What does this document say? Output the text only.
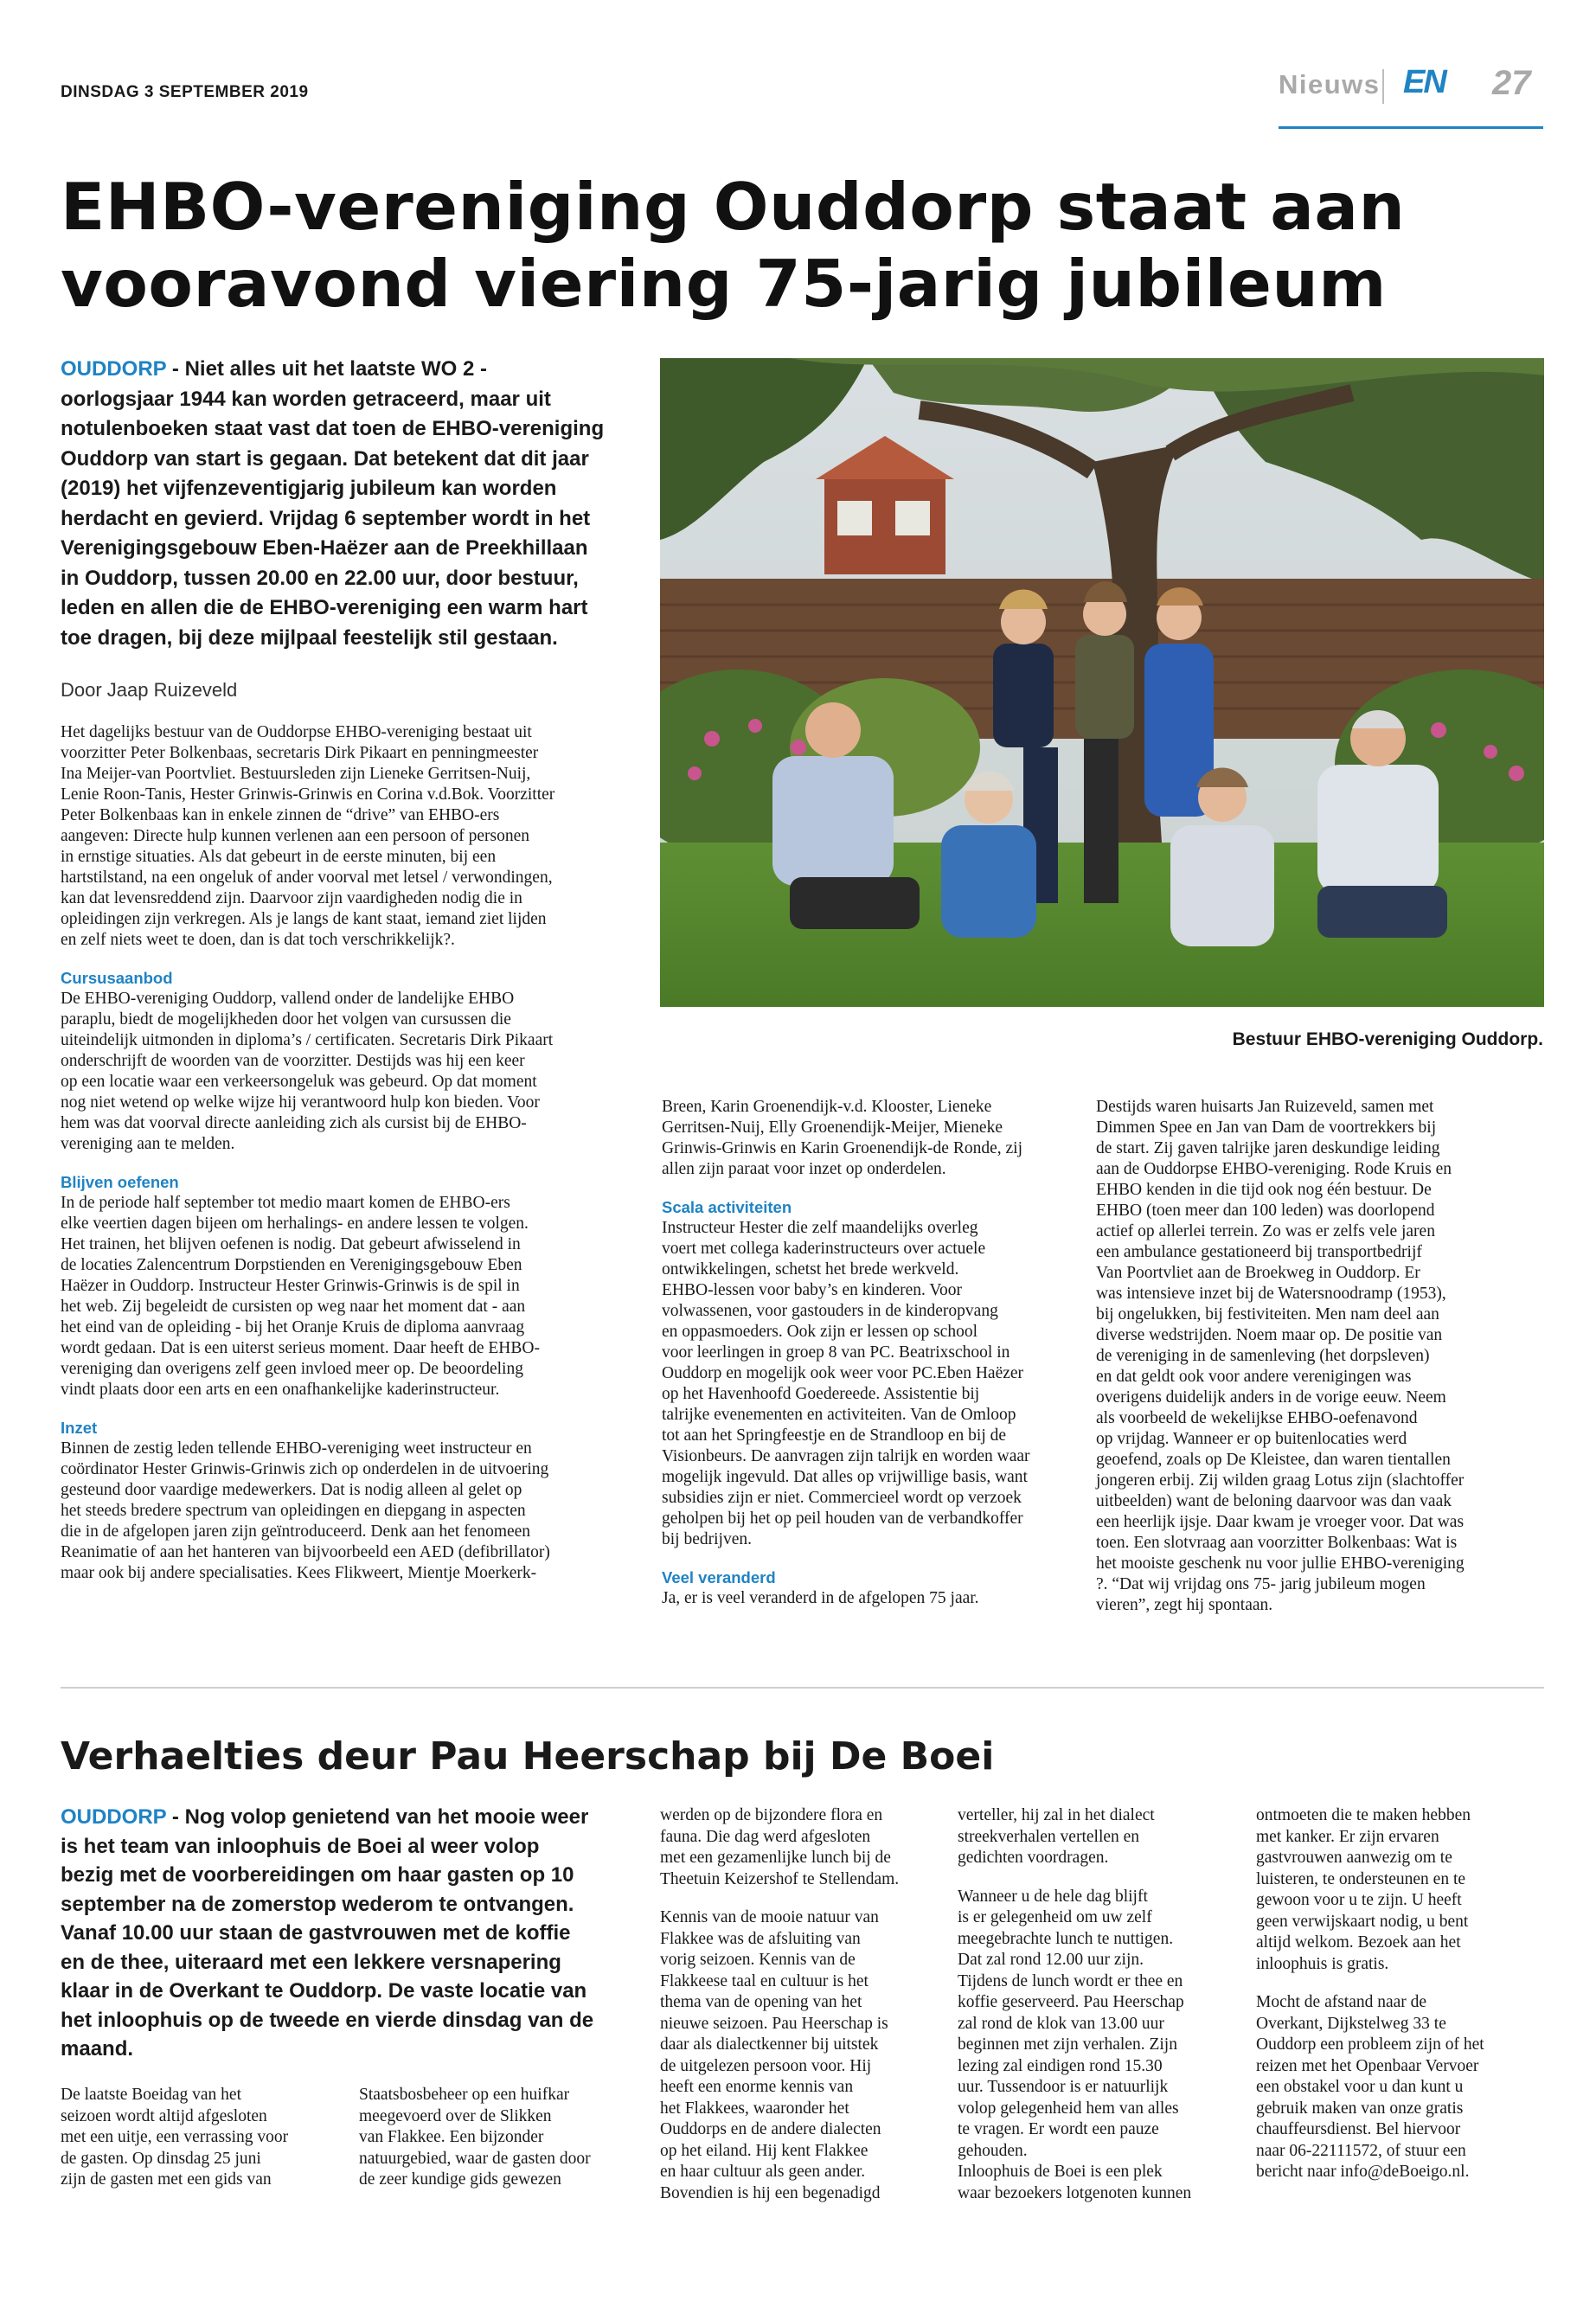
DINSDAG 3 SEPTEMBER 2019	Nieuws EN 27
EHBO-vereniging Ouddorp staat aan
vooravond viering 75-jarig jubileum
OUDDORP - Niet alles uit het laatste WO 2 -
oorlogsjaar 1944 kan worden getraceerd, maar uit
notulenboeken staat vast dat toen de EHBO-vereniging
Ouddorp van start is gegaan. Dat betekent dat dit jaar
(2019) het vijfenzeventigjarig jubileum kan worden
herdacht en gevierd. Vrijdag 6 september wordt in het
Verenigingsgebouw Eben-Haëzer aan de Preekhillaan
in Ouddorp, tussen 20.00 en 22.00 uur, door bestuur,
leden en allen die de EHBO-vereniging een warm hart
toe dragen, bij deze mijlpaal feestelijk stil gestaan.
Door Jaap Ruizeveld
Het dagelijks bestuur van de Ouddorpse EHBO-vereniging bestaat uit
voorzitter Peter Bolkenbaas, secretaris Dirk Pikaart en penningmeester
Ina Meijer-van Poortvliet. Bestuursleden zijn Lieneke Gerritsen-Nuij,
Lenie Roon-Tanis, Hester Grinwis-Grinwis en Corina v.d.Bok. Voorzitter
Peter Bolkenbaas kan in enkele zinnen de “drive” van EHBO-ers
aangeven: Directe hulp kunnen verlenen aan een persoon of personen
in ernstige situaties. Als dat gebeurt in de eerste minuten, bij een
hartstilstand, na een ongeluk of ander voorval met letsel / verwondingen,
kan dat levensreddend zijn. Daarvoor zijn vaardigheden nodig die in
opleidingen zijn verkregen. Als je langs de kant staat, iemand ziet lijden
en zelf niets weet te doen, dan is dat toch verschrikkelijk?.
Cursusaanbod
De EHBO-vereniging Ouddorp, vallend onder de landelijke EHBO
paraplu, biedt de mogelijkheden door het volgen van cursussen die
uiteindelijk uitmonden in diploma’s / certificaten. Secretaris Dirk Pikaart
onderschrijft de woorden van de voorzitter. Destijds was hij een keer
op een locatie waar een verkeersongeluk was gebeurd. Op dat moment
nog niet wetend op welke wijze hij verantwoord hulp kon bieden. Voor
hem was dat voorval directe aanleiding zich als cursist bij de EHBO-
vereniging aan te melden.
Blijven oefenen
In de periode half september tot medio maart komen de EHBO-ers
elke veertien dagen bijeen om herhalings- en andere lessen te volgen.
Het trainen, het blijven oefenen is nodig. Dat gebeurt afwisselend in
de locaties Zalencentrum Dorpstienden en Verenigingsgebouw Eben
Haëzer in Ouddorp. Instructeur Hester Grinwis-Grinwis is de spil in
het web. Zij begeleidt de cursisten op weg naar het moment dat - aan
het eind van de opleiding - bij het Oranje Kruis de diploma aanvraag
wordt gedaan. Dat is een uiterst serieus moment. Daar heeft de EHBO-
vereniging dan overigens zelf geen invloed meer op. De beoordeling
vindt plaats door een arts en een onafhankelijke kaderinstructeur.
Inzet
Binnen de zestig leden tellende EHBO-vereniging weet instructeur en
coördinator Hester Grinwis-Grinwis zich op onderdelen in de uitvoering
gesteund door vaardige medewerkers. Dat is nodig alleen al gelet op
het steeds bredere spectrum van opleidingen en diepgang in aspecten
die in de afgelopen jaren zijn geïntroduceerd. Denk aan het fenomeen
Reanimatie of aan het hanteren van bijvoorbeeld een AED (defibrillator)
maar ook bij andere specialisaties. Kees Flikweert, Mientje Moerkerk-
Bestuur EHBO-vereniging Ouddorp.
Breen, Karin Groenendijk-v.d. Klooster, Lieneke
Gerritsen-Nuij, Elly Groenendijk-Meijer, Mieneke
Grinwis-Grinwis en Karin Groenendijk-de Ronde, zij
allen zijn paraat voor inzet op onderdelen.
Scala activiteiten
Instructeur Hester die zelf maandelijks overleg
voert met collega kaderinstructeurs over actuele
ontwikkelingen, schetst het brede werkveld.
EHBO-lessen voor baby’s en kinderen. Voor
volwassenen, voor gastouders in de kinderopvang
en oppasmoeders. Ook zijn er lessen op school
voor leerlingen in groep 8 van PC. Beatrixschool in
Ouddorp en mogelijk ook weer voor PC.Eben Haëzer
op het Havenhoofd Goedereede. Assistentie bij
talrijke evenementen en activiteiten. Van de Omloop
tot aan het Springfeestje en de Strandloop en bij de
Visionbeurs. De aanvragen zijn talrijk en worden waar
mogelijk ingevuld. Dat alles op vrijwillige basis, want
subsidies zijn er niet. Commercieel wordt op verzoek
geholpen bij het op peil houden van de verbandkoffer
bij bedrijven.
Veel veranderd
Ja, er is veel veranderd in de afgelopen 75 jaar.
Destijds waren huisarts Jan Ruizeveld, samen met
Dimmen Spee en Jan van Dam de voortrekkers bij
de start. Zij gaven talrijke jaren deskundige leiding
aan de Ouddorpse EHBO-vereniging. Rode Kruis en
EHBO kenden in die tijd ook nog één bestuur. De
EHBO (toen meer dan 100 leden) was doorlopend
actief op allerlei terrein. Zo was er zelfs vele jaren
een ambulance gestationeerd bij transportbedrijf
Van Poortvliet aan de Broekweg in Ouddorp. Er
was intensieve inzet bij de Watersnoodramp (1953),
bij ongelukken, bij festiviteiten. Men nam deel aan
diverse wedstrijden. Noem maar op. De positie van
de vereniging in de samenleving (het dorpsleven)
en dat geldt ook voor andere verenigingen was
overigens duidelijk anders in de vorige eeuw. Neem
als voorbeeld de wekelijkse EHBO-oefenavond
op vrijdag. Wanneer er op buitenlocaties werd
geoefend, zoals op De Kleistee, dan waren tientallen
jongeren erbij. Zij wilden graag Lotus zijn (slachtoffer
uitbeelden) want de beloning daarvoor was dan vaak
een heerlijk ijsje. Daar kwam je vroeger voor. Dat was
toen. Een slotvraag aan voorzitter Bolkenbaas: Wat is
het mooiste geschenk nu voor jullie EHBO-vereniging
?. “Dat wij vrijdag ons 75- jarig jubileum mogen
vieren”, zegt hij spontaan.
Verhaelties deur Pau Heerschap bij De Boei
OUDDORP - Nog volop genietend van het mooie weer
is het team van inloophuis de Boei al weer volop
bezig met de voorbereidingen om haar gasten op 10
september na de zomerstop wederom te ontvangen.
Vanaf 10.00 uur staan de gastvrouwen met de koffie
en de thee, uiteraard met een lekkere versnapering
klaar in de Overkant te Ouddorp. De vaste locatie van
het inloophuis op de tweede en vierde dinsdag van de
maand.
De laatste Boeidag van het
seizoen wordt altijd afgesloten
met een uitje, een verrassing voor
de gasten. Op dinsdag 25 juni
zijn de gasten met een gids van
Staatsbosbeheer op een huifkar
meegevoerd over de Slikken
van Flakkee. Een bijzonder
natuurgebied, waar de gasten door
de zeer kundige gids gewezen
werden op de bijzondere flora en
fauna. Die dag werd afgesloten
met een gezamenlijke lunch bij de
Theetuin Keizershof te Stellendam.
Kennis van de mooie natuur van
Flakkee was de afsluiting van
vorig seizoen. Kennis van de
Flakkeese taal en cultuur is het
thema van de opening van het
nieuwe seizoen. Pau Heerschap is
daar als dialectkenner bij uitstek
de uitgelezen persoon voor. Hij
heeft een enorme kennis van
het Flakkees, waaronder het
Ouddorps en de andere dialecten
op het eiland. Hij kent Flakkee
en haar cultuur als geen ander.
Bovendien is hij een begenadigd
verteller, hij zal in het dialect
streekverhalen vertellen en
gedichten voordragen.
Wanneer u de hele dag blijft
is er gelegenheid om uw zelf
meegebrachte lunch te nuttigen.
Dat zal rond 12.00 uur zijn.
Tijdens de lunch wordt er thee en
koffie geserveerd. Pau Heerschap
zal rond de klok van 13.00 uur
beginnen met zijn verhalen. Zijn
lezing zal eindigen rond 15.30
uur. Tussendoor is er natuurlijk
volop gelegenheid hem van alles
te vragen. Er wordt een pauze
gehouden.
Inloophuis de Boei is een plek
waar bezoekers lotgenoten kunnen
ontmoeten die te maken hebben
met kanker. Er zijn ervaren
gastvrouwen aanwezig om te
luisteren, te ondersteunen en te
gewoon voor u te zijn. U heeft
geen verwijskaart nodig, u bent
altijd welkom. Bezoek aan het
inloophuis is gratis.
Mocht de afstand naar de
Overkant, Dijkstelweg 33 te
Ouddorp een probleem zijn of het
reizen met het Openbaar Vervoer
een obstakel voor u dan kunt u
gebruik maken van onze gratis
chauffeursdienst. Bel hiervoor
naar 06-22111572, of stuur een
bericht naar info@deBoeigo.nl.
